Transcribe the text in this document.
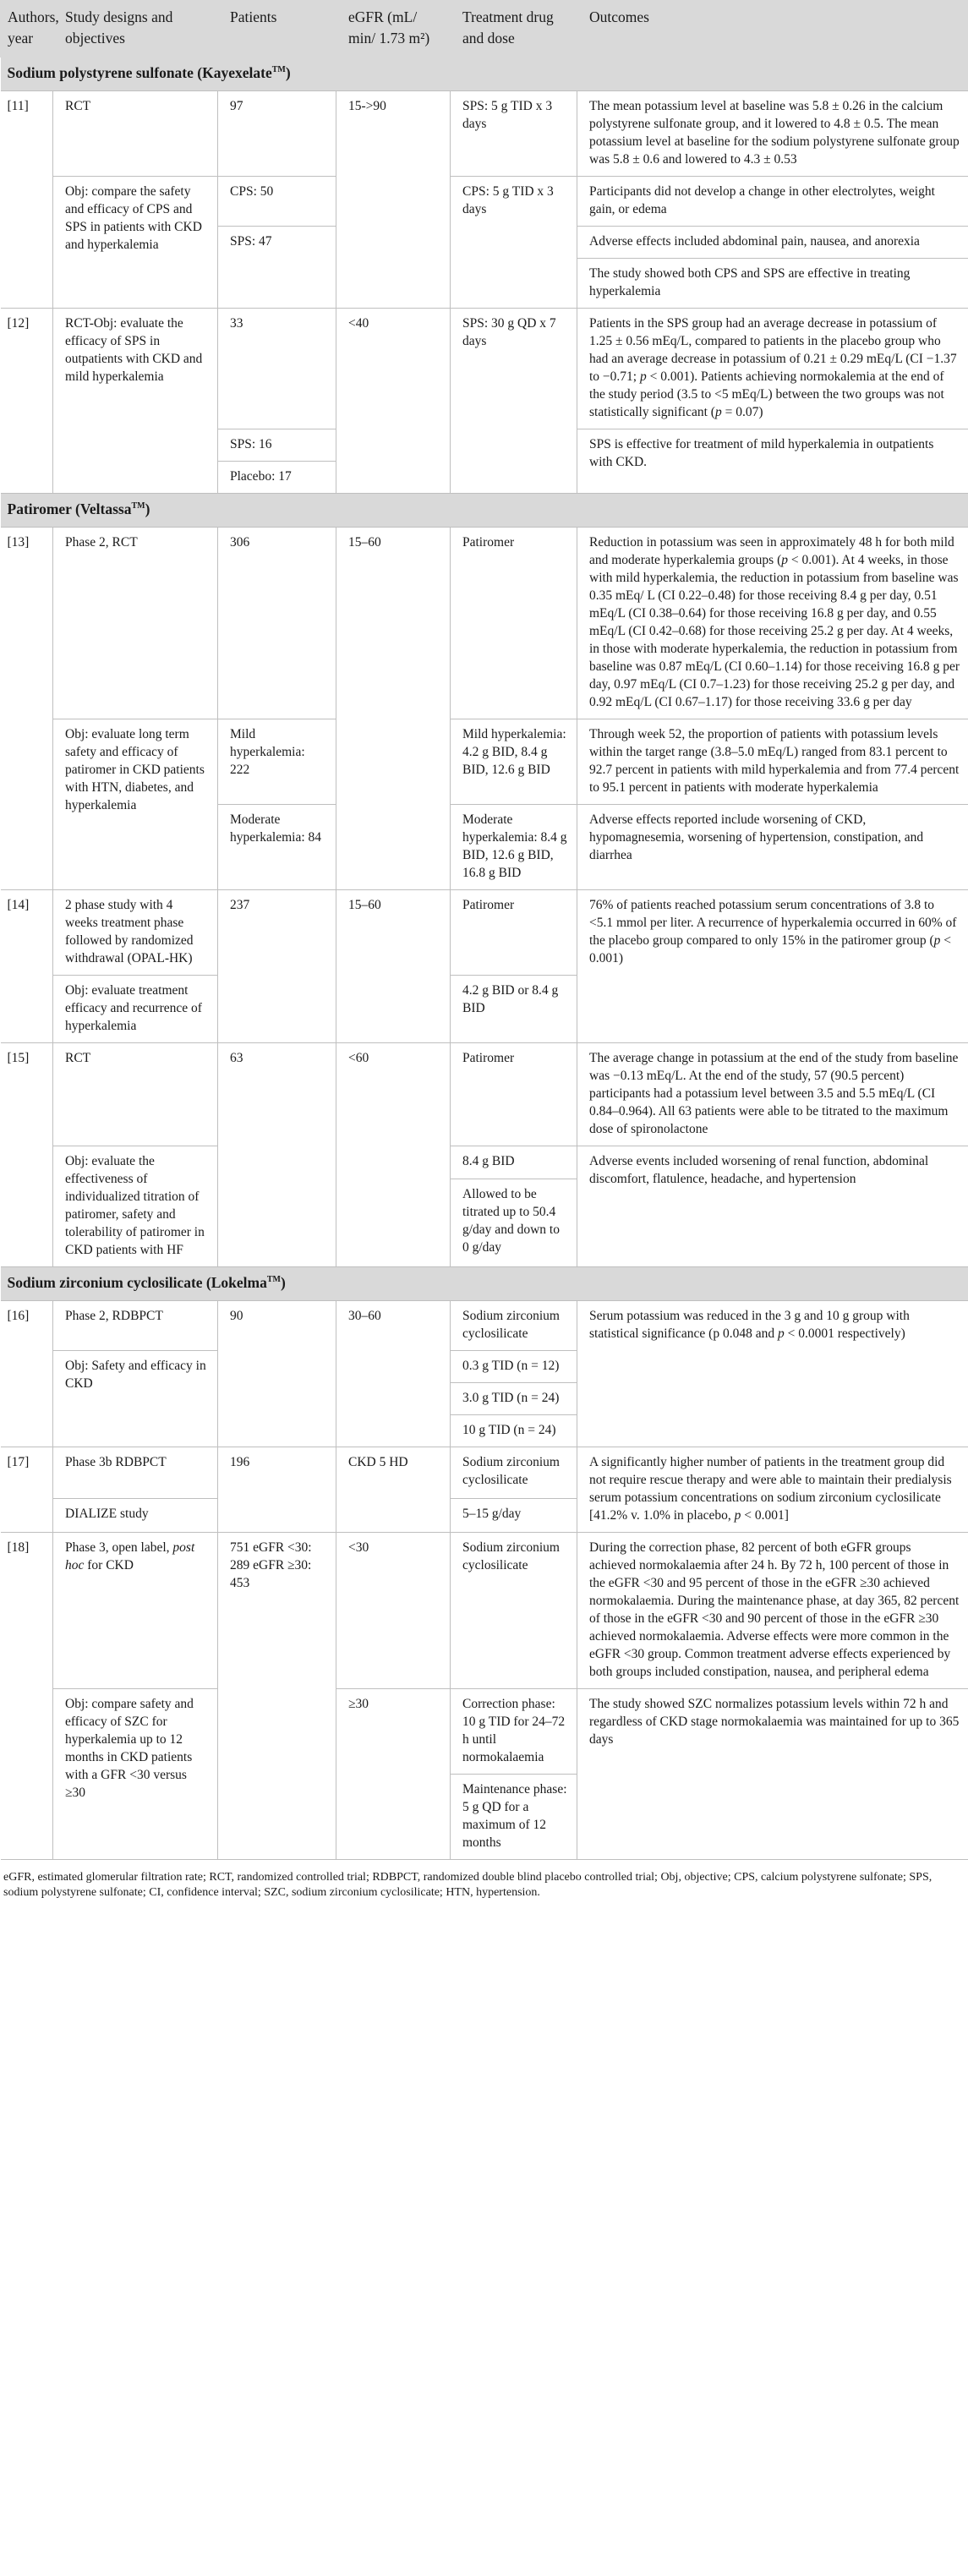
Authors, year	Study designs and objectives	Patients	eGFR (mL/ min/ 1.73 m²)	Treatment drug and dose	Outcomes
Sodium polystyrene sulfonate (Kayexelate™)					
[11]	RCT	97	15->90	SPS: 5 g TID x 3 days	The mean potassium level at baseline was 5.8 ± 0.26 in the calcium polystyrene sulfonate group, and it lowered to 4.8 ± 0.5. The mean potassium level at baseline for the sodium polystyrene sulfonate group was 5.8 ± 0.6 and lowered to 4.3 ± 0.53
	Obj: compare the safety and efficacy of CPS and SPS in patients with CKD and hyperkalemia	CPS: 50		CPS: 5 g TID x 3 days	Participants did not develop a change in other electrolytes, weight gain, or edema
		SPS: 47			Adverse effects included abdominal pain, nausea, and anorexia
					The study showed both CPS and SPS are effective in treating hyperkalemia
[12]	RCT-Obj: evaluate the efficacy of SPS in outpatients with CKD and mild hyperkalemia	33	<40	SPS: 30 g QD x 7 days	Patients in the SPS group had an average decrease in potassium of 1.25 ± 0.56 mEq/L, compared to patients in the placebo group who had an average decrease in potassium of 0.21 ± 0.29 mEq/L (CI −1.37 to −0.71; p < 0.001). Patients achieving normokalemia at the end of the study period (3.5 to <5 mEq/L) between the two groups was not statistically significant (p = 0.07)
		SPS: 16			SPS is effective for treatment of mild hyperkalemia in outpatients with CKD.
		Placebo: 17			
Patiromer (Veltassa™)					
[13]	Phase 2, RCT	306	15–60	Patiromer	Reduction in potassium was seen in approximately 48 h for both mild and moderate hyperkalemia groups (p < 0.001). At 4 weeks, in those with mild hyperkalemia, the reduction in potassium from baseline was 0.35 mEq/ L (CI 0.22–0.48) for those receiving 8.4 g per day, 0.51 mEq/L (CI 0.38–0.64) for those receiving 16.8 g per day, and 0.55 mEq/L (CI 0.42–0.68) for those receiving 25.2 g per day. At 4 weeks, in those with moderate hyperkalemia, the reduction in potassium from baseline was 0.87 mEq/L (CI 0.60–1.14) for those receiving 16.8 g per day, 0.97 mEq/L (CI 0.7–1.23) for those receiving 25.2 g per day, and 0.92 mEq/L (CI 0.67–1.17) for those receiving 33.6 g per day
	Obj: evaluate long term safety and efficacy of patiromer in CKD patients with HTN, diabetes, and hyperkalemia	Mild hyperkalemia: 222		Mild hyperkalemia: 4.2 g BID, 8.4 g BID, 12.6 g BID	Through week 52, the proportion of patients with potassium levels within the target range (3.8–5.0 mEq/L) ranged from 83.1 percent to 92.7 percent in patients with mild hyperkalemia and from 77.4 percent to 95.1 percent in patients with moderate hyperkalemia
		Moderate hyperkalemia: 84		Moderate hyperkalemia: 8.4 g BID, 12.6 g BID, 16.8 g BID	Adverse effects reported include worsening of CKD, hypomagnesemia, worsening of hypertension, constipation, and diarrhea
[14]	2 phase study with 4 weeks treatment phase followed by randomized withdrawal (OPAL-HK)	237	15–60	Patiromer	76% of patients reached potassium serum concentrations of 3.8 to <5.1 mmol per liter. A recurrence of hyperkalemia occurred in 60% of the placebo group compared to only 15% in the patiromer group (p < 0.001)
	Obj: evaluate treatment efficacy and recurrence of hyperkalemia			4.2 g BID or 8.4 g BID	
[15]	RCT	63	<60	Patiromer	The average change in potassium at the end of the study from baseline was −0.13 mEq/L. At the end of the study, 57 (90.5 percent) participants had a potassium level between 3.5 and 5.5 mEq/L (CI 0.84–0.964). All 63 patients were able to be titrated to the maximum dose of spironolactone
	Obj: evaluate the effectiveness of individualized titration of patiromer, safety and tolerability of patiromer in CKD patients with HF			8.4 g BID	Adverse events included worsening of renal function, abdominal discomfort, flatulence, headache, and hypertension
				Allowed to be titrated up to 50.4 g/day and down to 0 g/day	
Sodium zirconium cyclosilicate (Lokelma™)					
[16]	Phase 2, RDBPCT	90	30–60	Sodium zirconium cyclosilicate	Serum potassium was reduced in the 3 g and 10 g group with statistical significance (p 0.048 and p < 0.0001 respectively)
	Obj: Safety and efficacy in CKD			0.3 g TID (n = 12)	
				3.0 g TID (n = 24)	
				10 g TID (n = 24)	
[17]	Phase 3b RDBPCT	196	CKD 5 HD	Sodium zirconium cyclosilicate	A significantly higher number of patients in the treatment group did not require rescue therapy and were able to maintain their predialysis serum potassium concentrations on sodium zirconium cyclosilicate [41.2% v. 1.0% in placebo, p < 0.001]
	DIALIZE study			5–15 g/day	
[18]	Phase 3, open label, post hoc for CKD	751 eGFR <30: 289 eGFR ≥30: 453	<30	Sodium zirconium cyclosilicate	During the correction phase, 82 percent of both eGFR groups achieved normokalaemia after 24 h. By 72 h, 100 percent of those in the eGFR <30 and 95 percent of those in the eGFR ≥30 achieved normokalaemia. During the maintenance phase, at day 365, 82 percent of those in the eGFR <30 and 90 percent of those in the eGFR ≥30 achieved normokalaemia. Adverse effects were more common in the eGFR <30 group. Common treatment adverse effects experienced by both groups included constipation, nausea, and peripheral edema
	Obj: compare safety and efficacy of SZC for hyperkalemia up to 12 months in CKD patients with a GFR <30 versus ≥30		≥30	Correction phase: 10 g TID for 24–72 h until normokalaemia	The study showed SZC normalizes potassium levels within 72 h and regardless of CKD stage normokalaemia was maintained for up to 365 days
				Maintenance phase: 5 g QD for a maximum of 12 months	
eGFR, estimated glomerular filtration rate; RCT, randomized controlled trial; RDBPCT, randomized double blind placebo controlled trial; Obj, objective; CPS, calcium polystyrene sulfonate; SPS, sodium polystyrene sulfonate; CI, confidence interval; SZC, sodium zirconium cyclosilicate; HTN, hypertension.
